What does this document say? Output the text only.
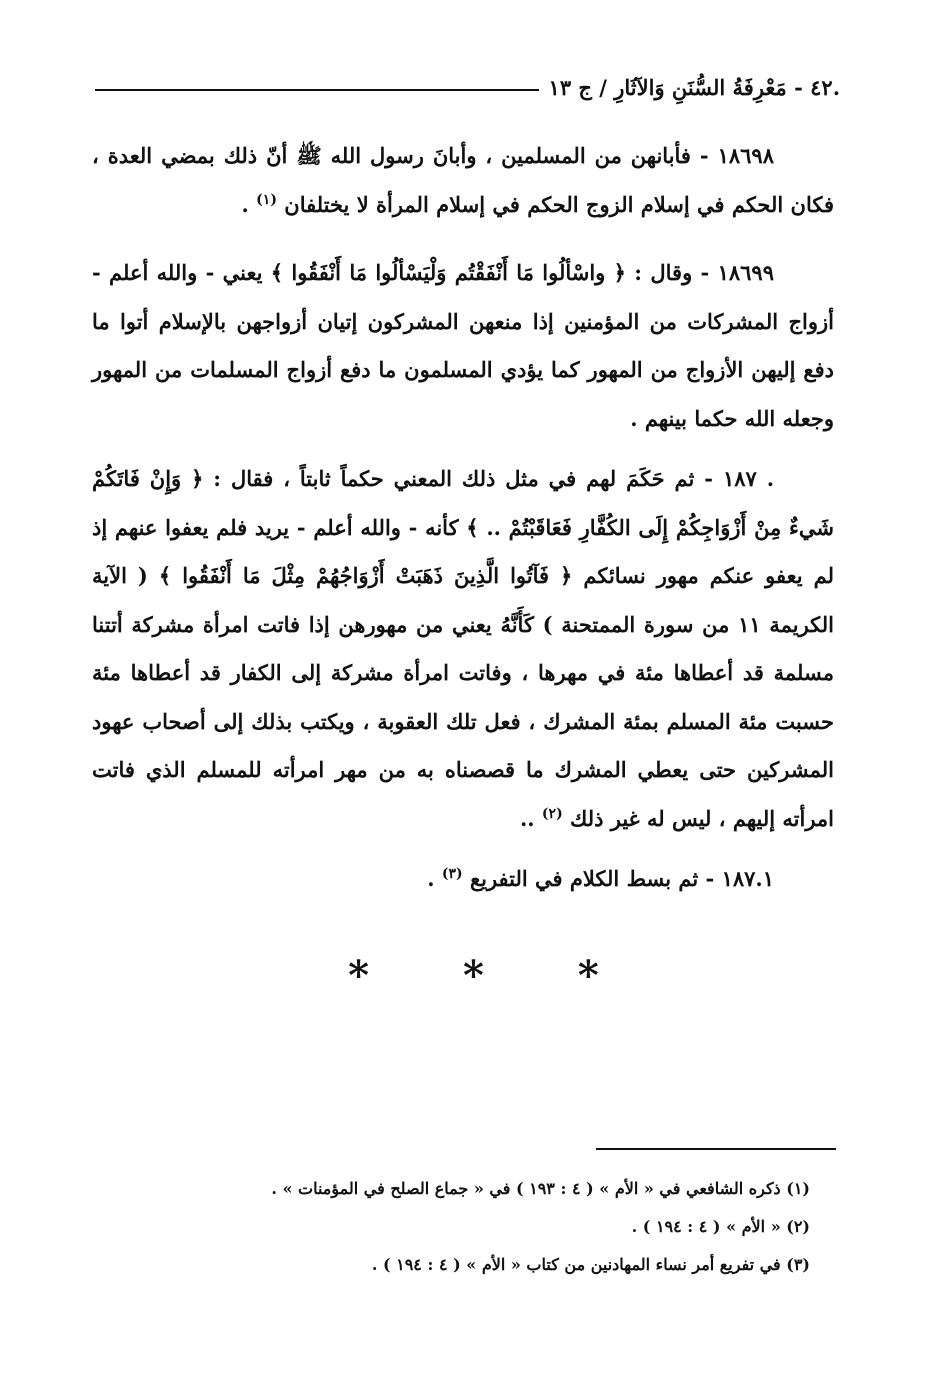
.٤٢ - مَعْرِفَةُ السُّنَنِ وَالآثَارِ / ج ١٣

١٨٦٩٨ - فأبانهن من المسلمين ، وأبانَ رسول الله ﷺ أنّ ذلك بمضي العدة ، فكان الحكم في إسلام الزوج الحكم في إسلام المرأة لا يختلفان $^{(١)}$ .

١٨٦٩٩ - وقال : ﴿ واسْألُوا مَا أَنْفَقْتُم وَلْيَسْألُوا مَا أَنْفَقُوا ﴾ يعني - والله أعلم - أزواج المشركات من المؤمنين إذا منعهن المشركون إتيان أزواجهن بالإسلام أتوا ما دفع إليهن الأزواج من المهور كما يؤدي المسلمون ما دفع أزواج المسلمات من المهور وجعله الله حكما بينهم .

. ١٨٧ - ثم حَكَمَ لهم في مثل ذلك المعني حكماً ثابتاً ، فقال : ﴿ وَإِنْ فَاتَكُمْ شَيءٌ مِنْ أَزْوَاجِكُمْ إِلَى الكُفَّارِ فَعَاقَبْتُمْ .. ﴾ كأنه - والله أعلم - يريد فلم يعفوا عنهم إذ لم يعفو عنكم مهور نسائكم ﴿ فَآتُوا الَّذِينَ ذَهَبَتْ أَزْوَاجُهُمْ مِثْلَ مَا أَنْفَقُوا ﴾ ( الآية الكريمة ١١ من سورة الممتحنة ) كَأَنَّهُ يعني من مهورهن إذا فاتت امرأة مشركة أتتنا مسلمة قد أعطاها مئة في مهرها ، وفاتت امرأة مشركة إلى الكفار قد أعطاها مئة حسبت مئة المسلم بمئة المشرك ، فعل تلك العقوبة ، ويكتب بذلك إلى أصحاب عهود المشركين حتى يعطي المشرك ما قصصناه به من مهر امرأته للمسلم الذي فاتت امرأته إليهم ، ليس له غير ذلك $^{(٢)}$ ..

١٨٧.١ - ثم بسط الكلام في التفريع $^{(٣)}$ .

* * *
(١) ذكره الشافعي في « الأم » ( ٤ : ١٩٣ ) في « جماع الصلح في المؤمنات » .
(٢) « الأم » ( ٤ : ١٩٤ ) .
(٣) في تفريع أمر نساء المهادنين من كتاب « الأم » ( ٤ : ١٩٤ ) .
